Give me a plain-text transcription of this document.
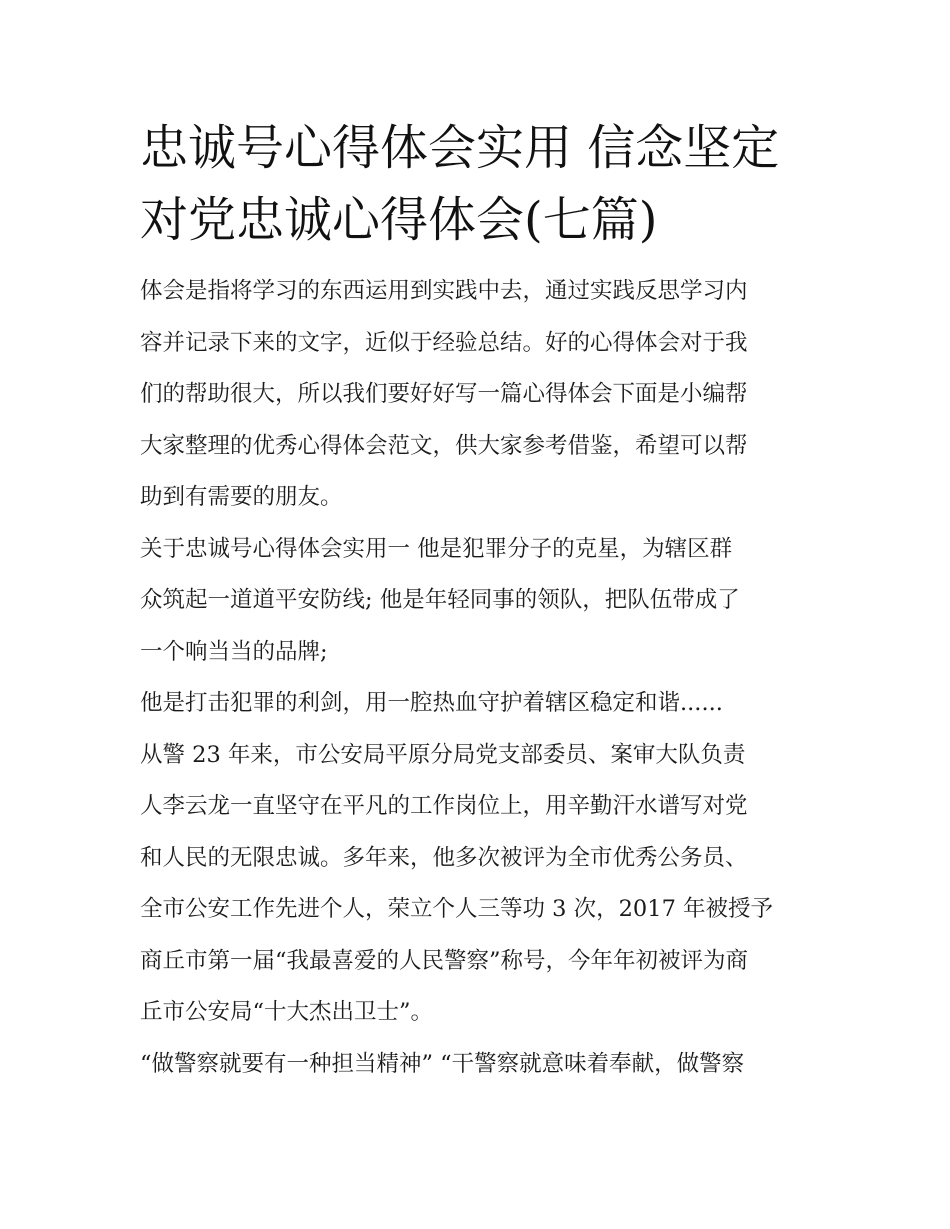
忠诚号心得体会实用 信念坚定
对党忠诚心得体会(七篇)
体会是指将学习的东西运用到实践中去，通过实践反思学习内
容并记录下来的文字，近似于经验总结。好的心得体会对于我
们的帮助很大，所以我们要好好写一篇心得体会下面是小编帮
大家整理的优秀心得体会范文，供大家参考借鉴，希望可以帮
助到有需要的朋友。
关于忠诚号心得体会实用一 他是犯罪分子的克星，为辖区群
众筑起一道道平安防线; 他是年轻同事的领队，把队伍带成了
一个响当当的品牌;
他是打击犯罪的利剑，用一腔热血守护着辖区稳定和谐......
从警 23 年来，市公安局平原分局党支部委员、案审大队负责
人李云龙一直坚守在平凡的工作岗位上，用辛勤汗水谱写对党
和人民的无限忠诚。多年来，他多次被评为全市优秀公务员、
全市公安工作先进个人，荣立个人三等功 3 次，2017 年被授予
商丘市第一届“我最喜爱的人民警察”称号，今年年初被评为商
丘市公安局“十大杰出卫士”。
“做警察就要有一种担当精神” “干警察就意味着奉献，做警察
